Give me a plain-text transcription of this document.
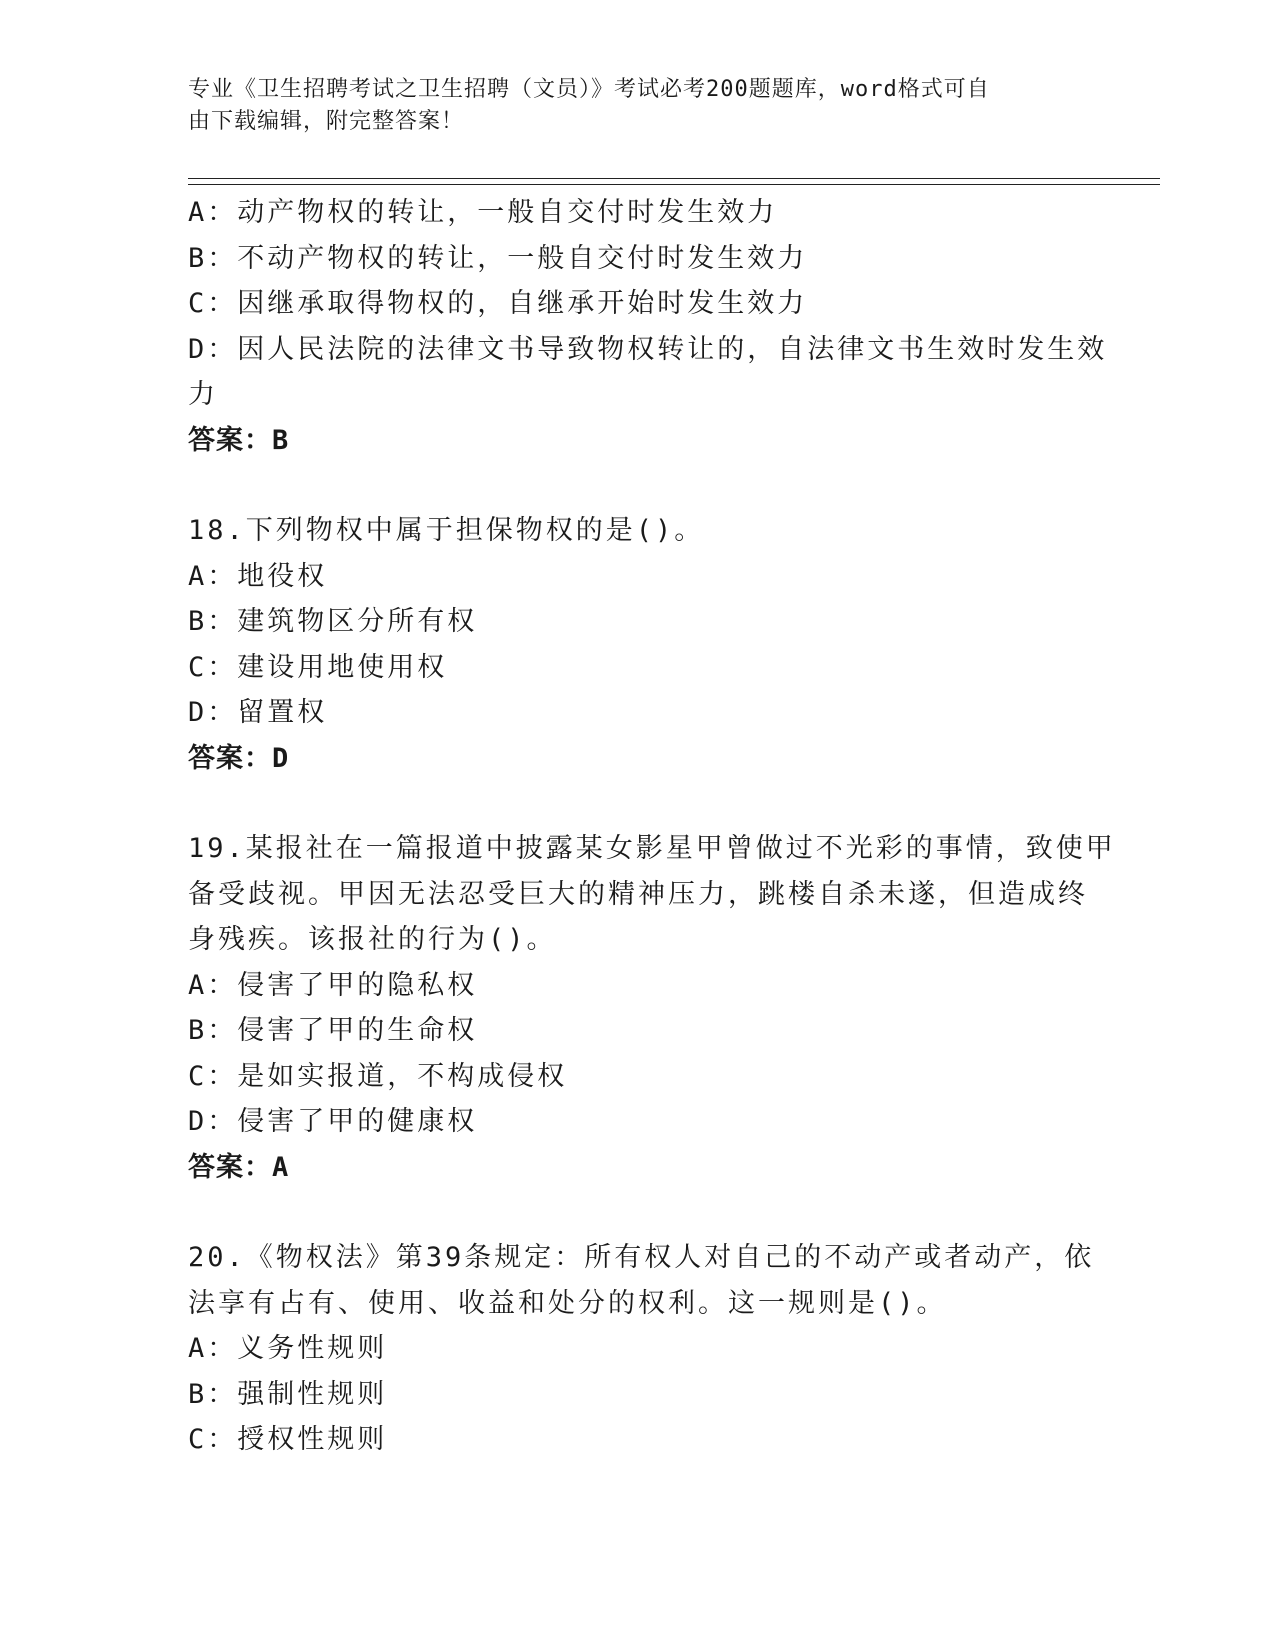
专业《卫生招聘考试之卫生招聘（文员）》考试必考200题题库，word格式可自
由下载编辑，附完整答案！
A：动产物权的转让，一般自交付时发生效力
B：不动产物权的转让，一般自交付时发生效力
C：因继承取得物权的，自继承开始时发生效力
D：因人民法院的法律文书导致物权转让的，自法律文书生效时发生效
力
答案：B
18.下列物权中属于担保物权的是()。
A：地役权
B：建筑物区分所有权
C：建设用地使用权
D：留置权
答案：D
19.某报社在一篇报道中披露某女影星甲曾做过不光彩的事情，致使甲
备受歧视。甲因无法忍受巨大的精神压力，跳楼自杀未遂，但造成终
身残疾。该报社的行为()。
A：侵害了甲的隐私权
B：侵害了甲的生命权
C：是如实报道，不构成侵权
D：侵害了甲的健康权
答案：A
20.《物权法》第39条规定：所有权人对自己的不动产或者动产，依
法享有占有、使用、收益和处分的权利。这一规则是()。
A：义务性规则
B：强制性规则
C：授权性规则
